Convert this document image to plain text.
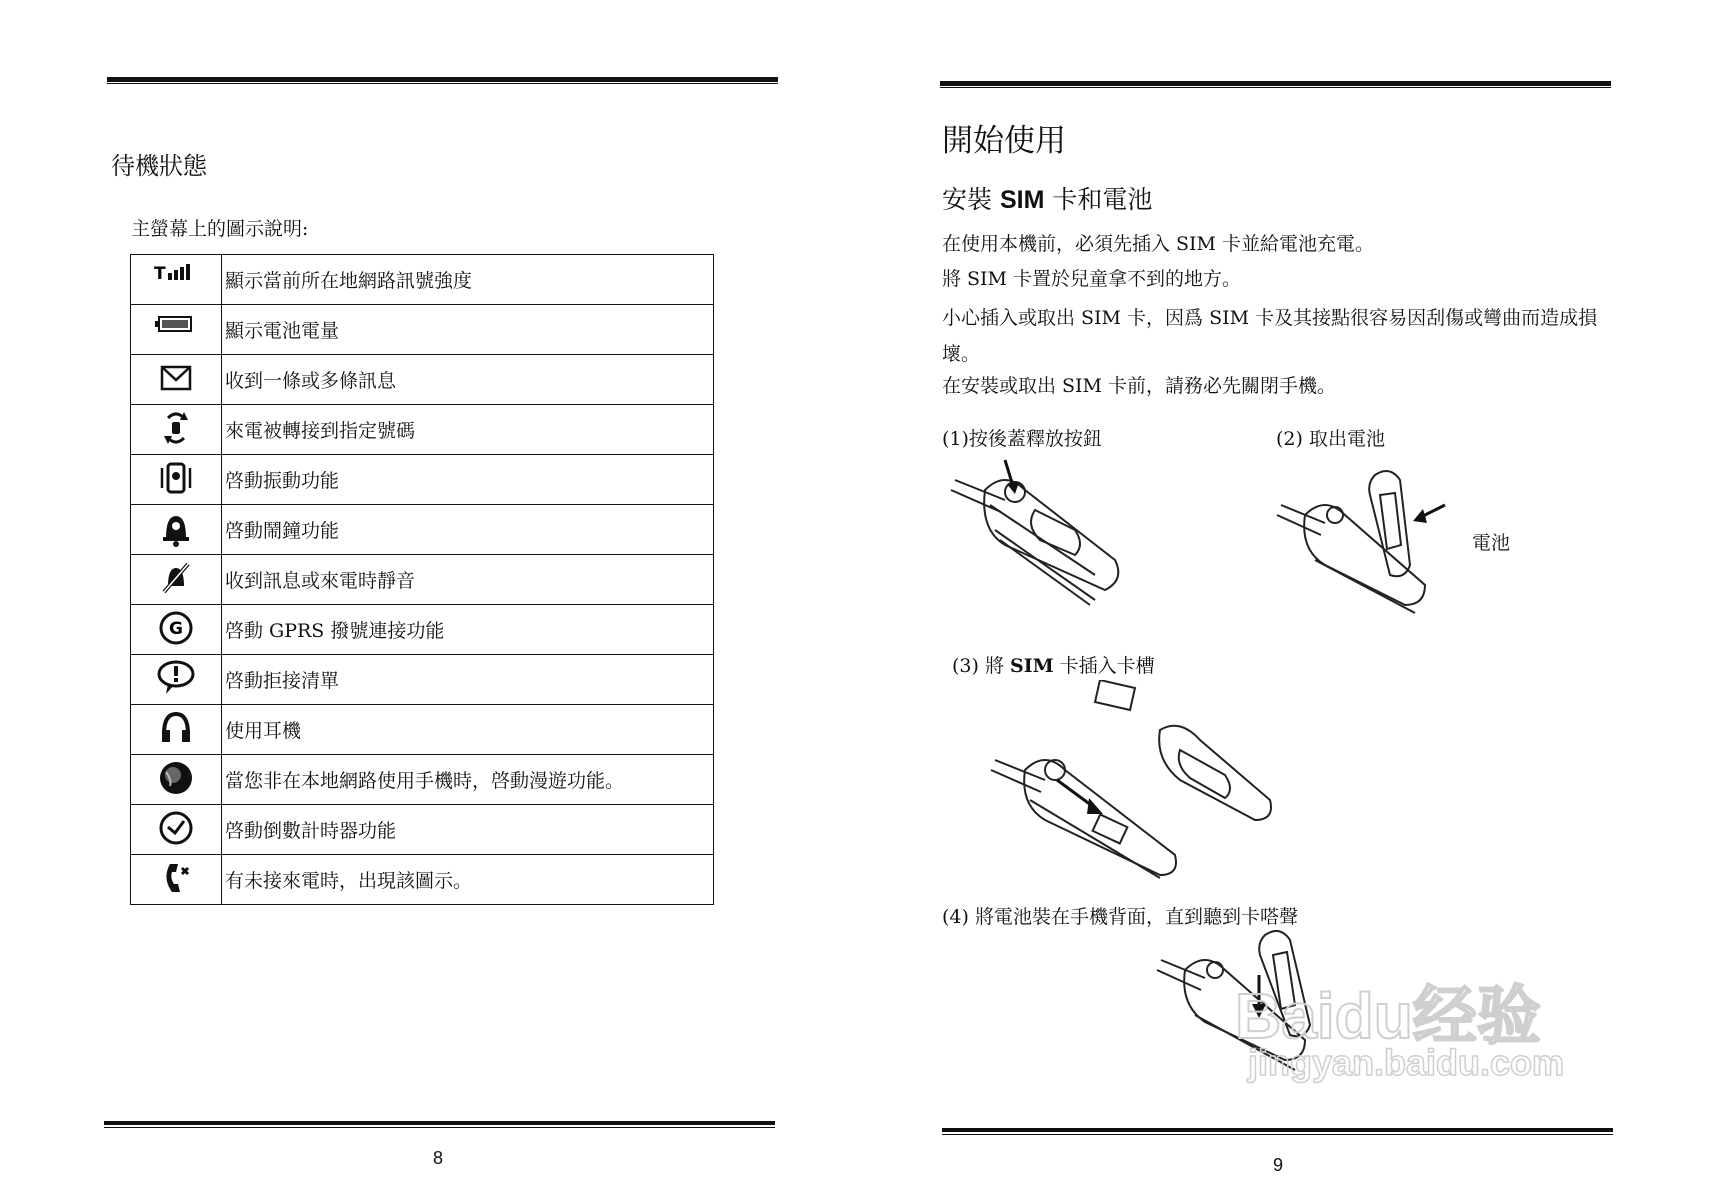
待機狀態
主螢幕上的圖示說明:
T	顯示當前所在地網路訊號強度
	顯示電池電量
	收到一條或多條訊息
	來電被轉接到指定號碼
	啓動振動功能
	啓動鬧鐘功能
	收到訊息或來電時靜音

G	啓動 GPRS 撥號連接功能
	啓動拒接清單
	使用耳機
	當您非在本地網路使用手機時，啓動漫遊功能。
	啓動倒數計時器功能
	有未接來電時，出現該圖示。
8
開始使用
安裝 SIM 卡和電池
在使用本機前，必須先插入 SIM 卡並給電池充電。
將 SIM 卡置於兒童拿不到的地方。
小心插入或取出 SIM 卡，因爲 SIM 卡及其接點很容易因刮傷或彎曲而造成損壞。
在安裝或取出 SIM 卡前，請務必先關閉手機。
(1)按後蓋釋放按鈕	(2) 取出電池
電池
(3) 將 SIM 卡插入卡槽
(4) 將電池裝在手機背面，直到聽到卡嗒聲
Baidu经验
jingyan.baidu.com
9
